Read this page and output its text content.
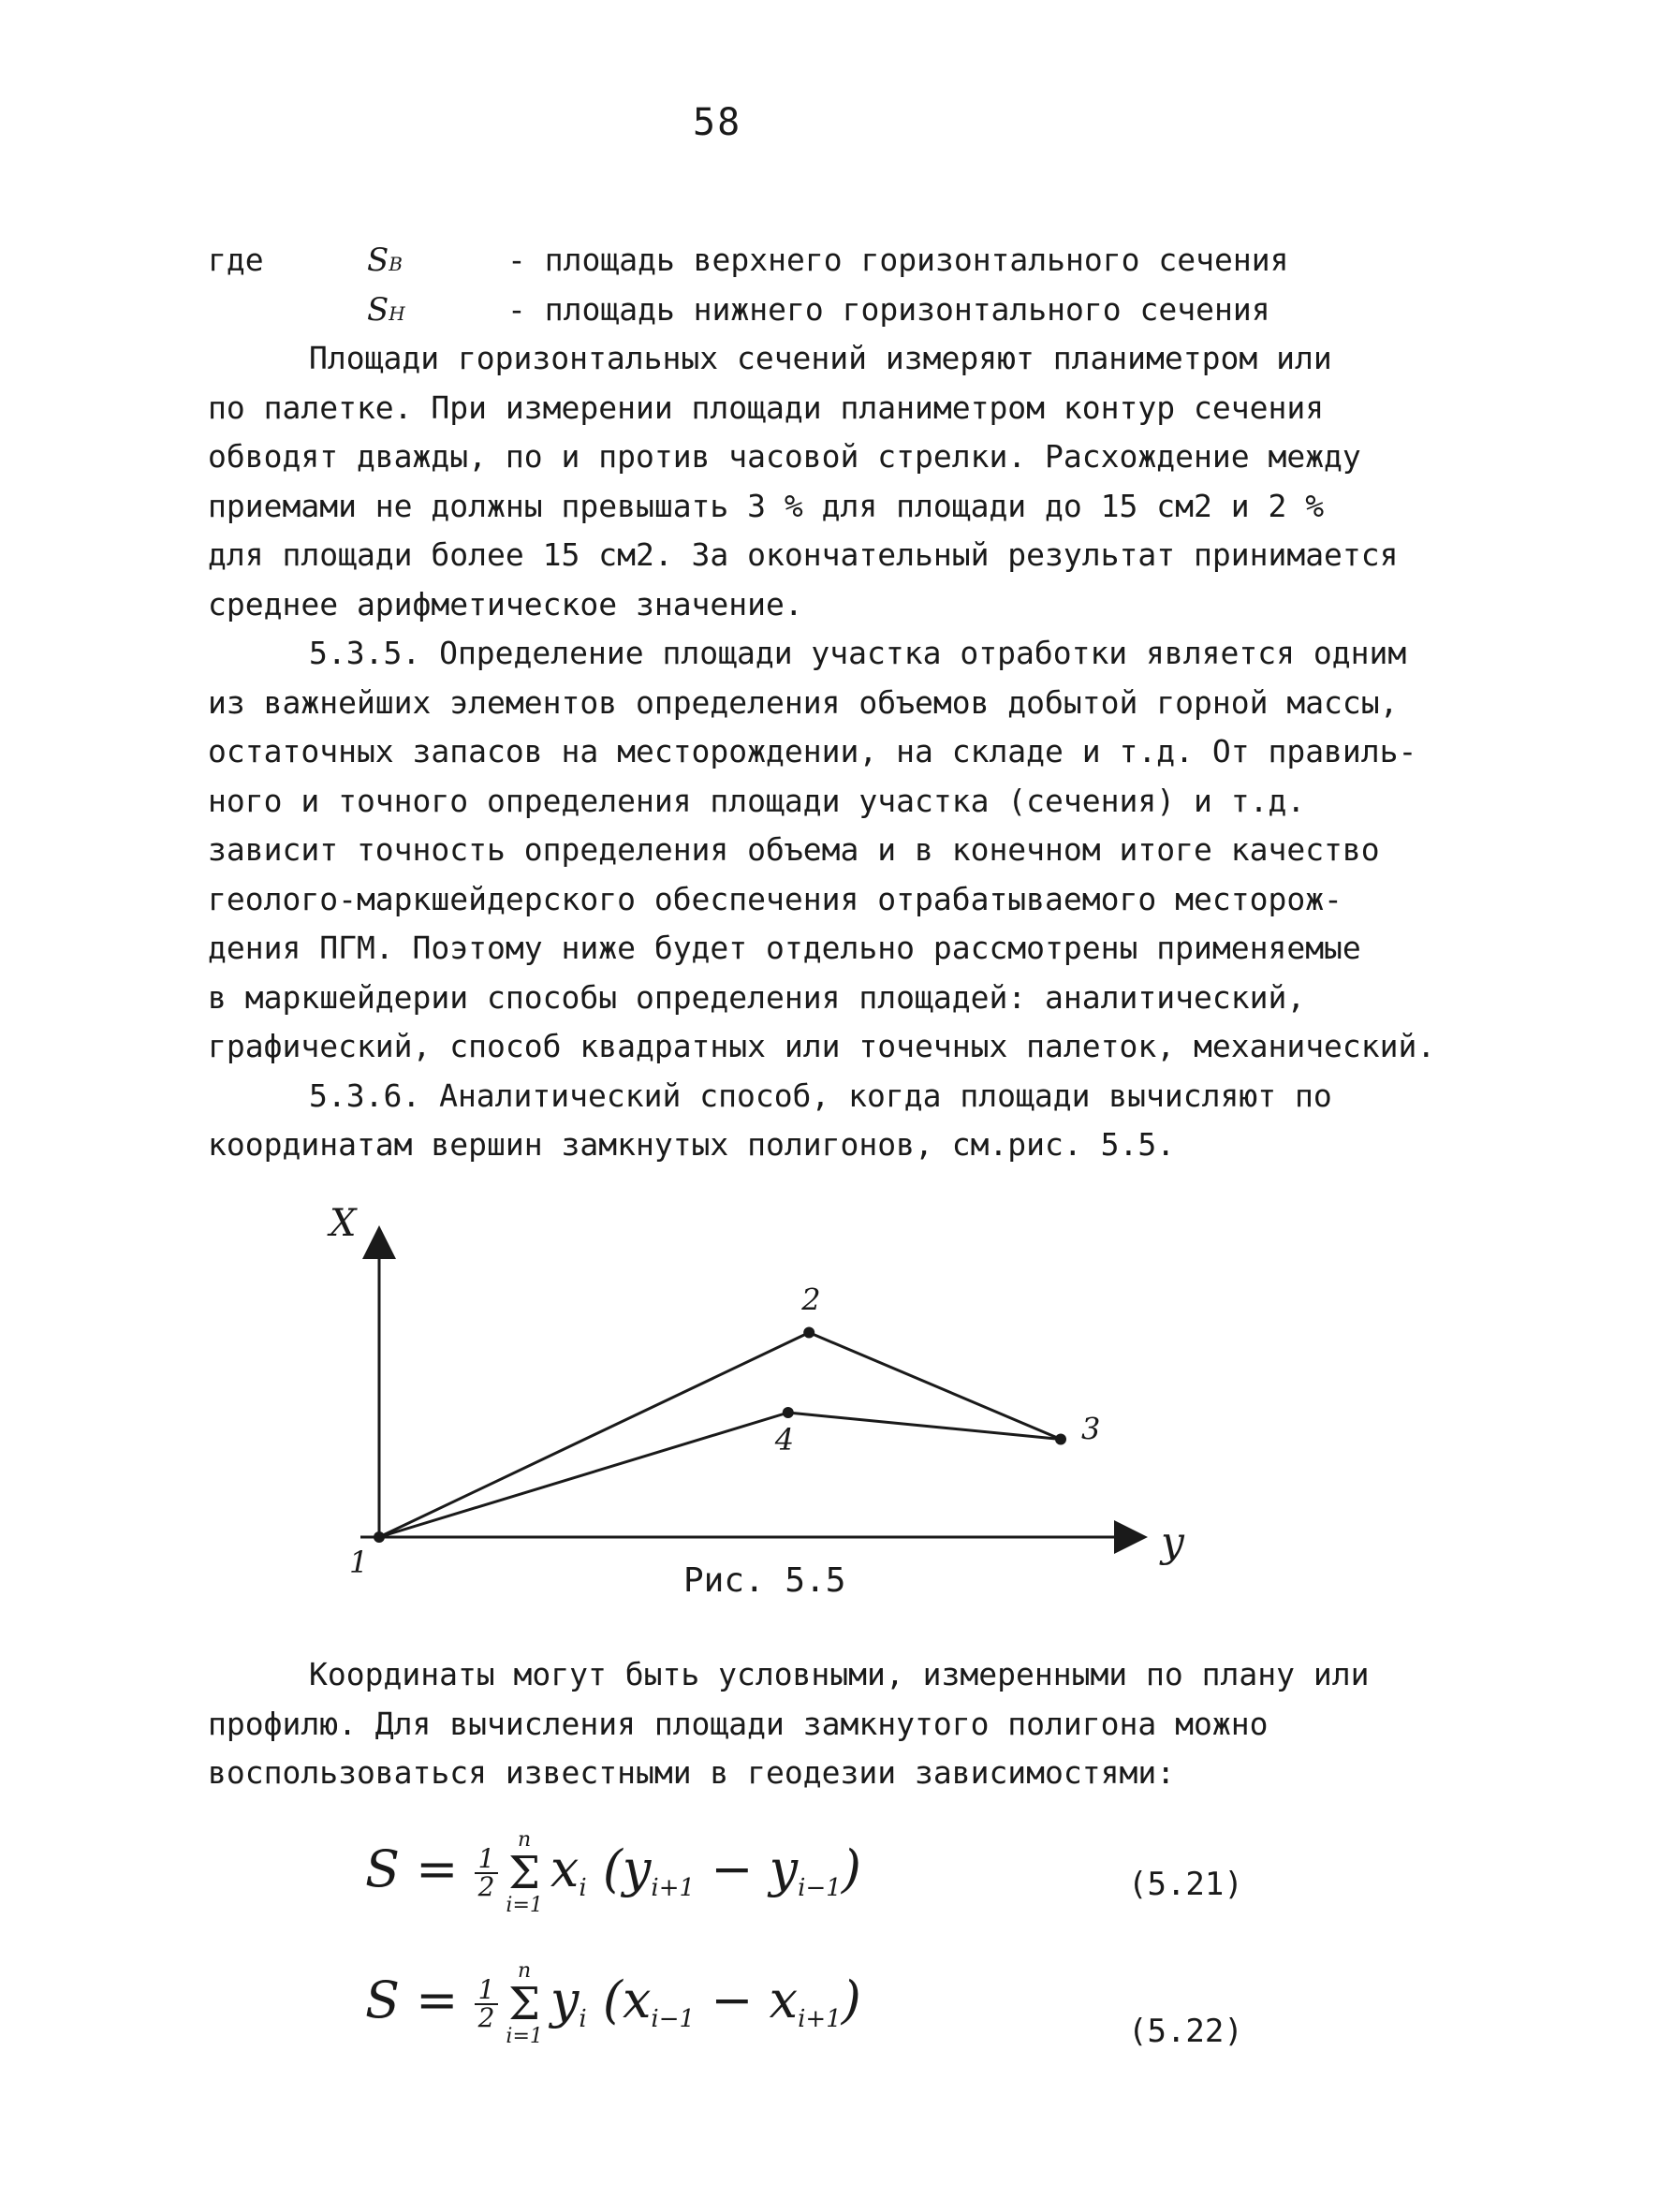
58
где	SВ	- площадь верхнего горизонтального сечения
SН	- площадь нижнего горизонтального сечения
Площади горизонтальных сечений измеряют планиметром или
по палетке. При измерении площади планиметром контур сечения
обводят дважды, по и против часовой стрелки. Расхождение между
приемами не должны превышать 3 % для площади до 15 см2 и 2 %
для площади более 15 см2. За окончательный результат принимается
среднее арифметическое значение.
5.3.5. Определение площади участка отработки является одним
из важнейших элементов определения объемов добытой горной массы,
остаточных запасов на месторождении, на складе и т.д. От правиль-
ного и точного определения площади участка (сечения) и т.д.
зависит точность определения объема и в конечном итоге качество
геолого-маркшейдерского обеспечения отрабатываемого месторож-
дения ПГМ. Поэтому ниже будет отдельно рассмотрены применяемые
в маркшейдерии способы определения площадей: аналитический,
графический, способ квадратных или точечных палеток, механический.
5.3.6. Аналитический способ, когда площади вычисляют по
координатам вершин замкнутых полигонов, см.рис. 5.5.
X
y
1
2
3
4
Рис. 5.5
Координаты могут быть условными, измеренными по плану или
профилю. Для вычисления площади замкнутого полигона можно
воспользоваться известными в геодезии зависимостями:
$S = \frac{1}{2}n$
Σ
$i=1x_i$ $(y_{i+1} - y_{i-1})$	(5.21)
$S = \frac{1}{2}n$
Σ
$i=1y_i$ $(x_{i-1} - x_{i+1})$
(5.22)
